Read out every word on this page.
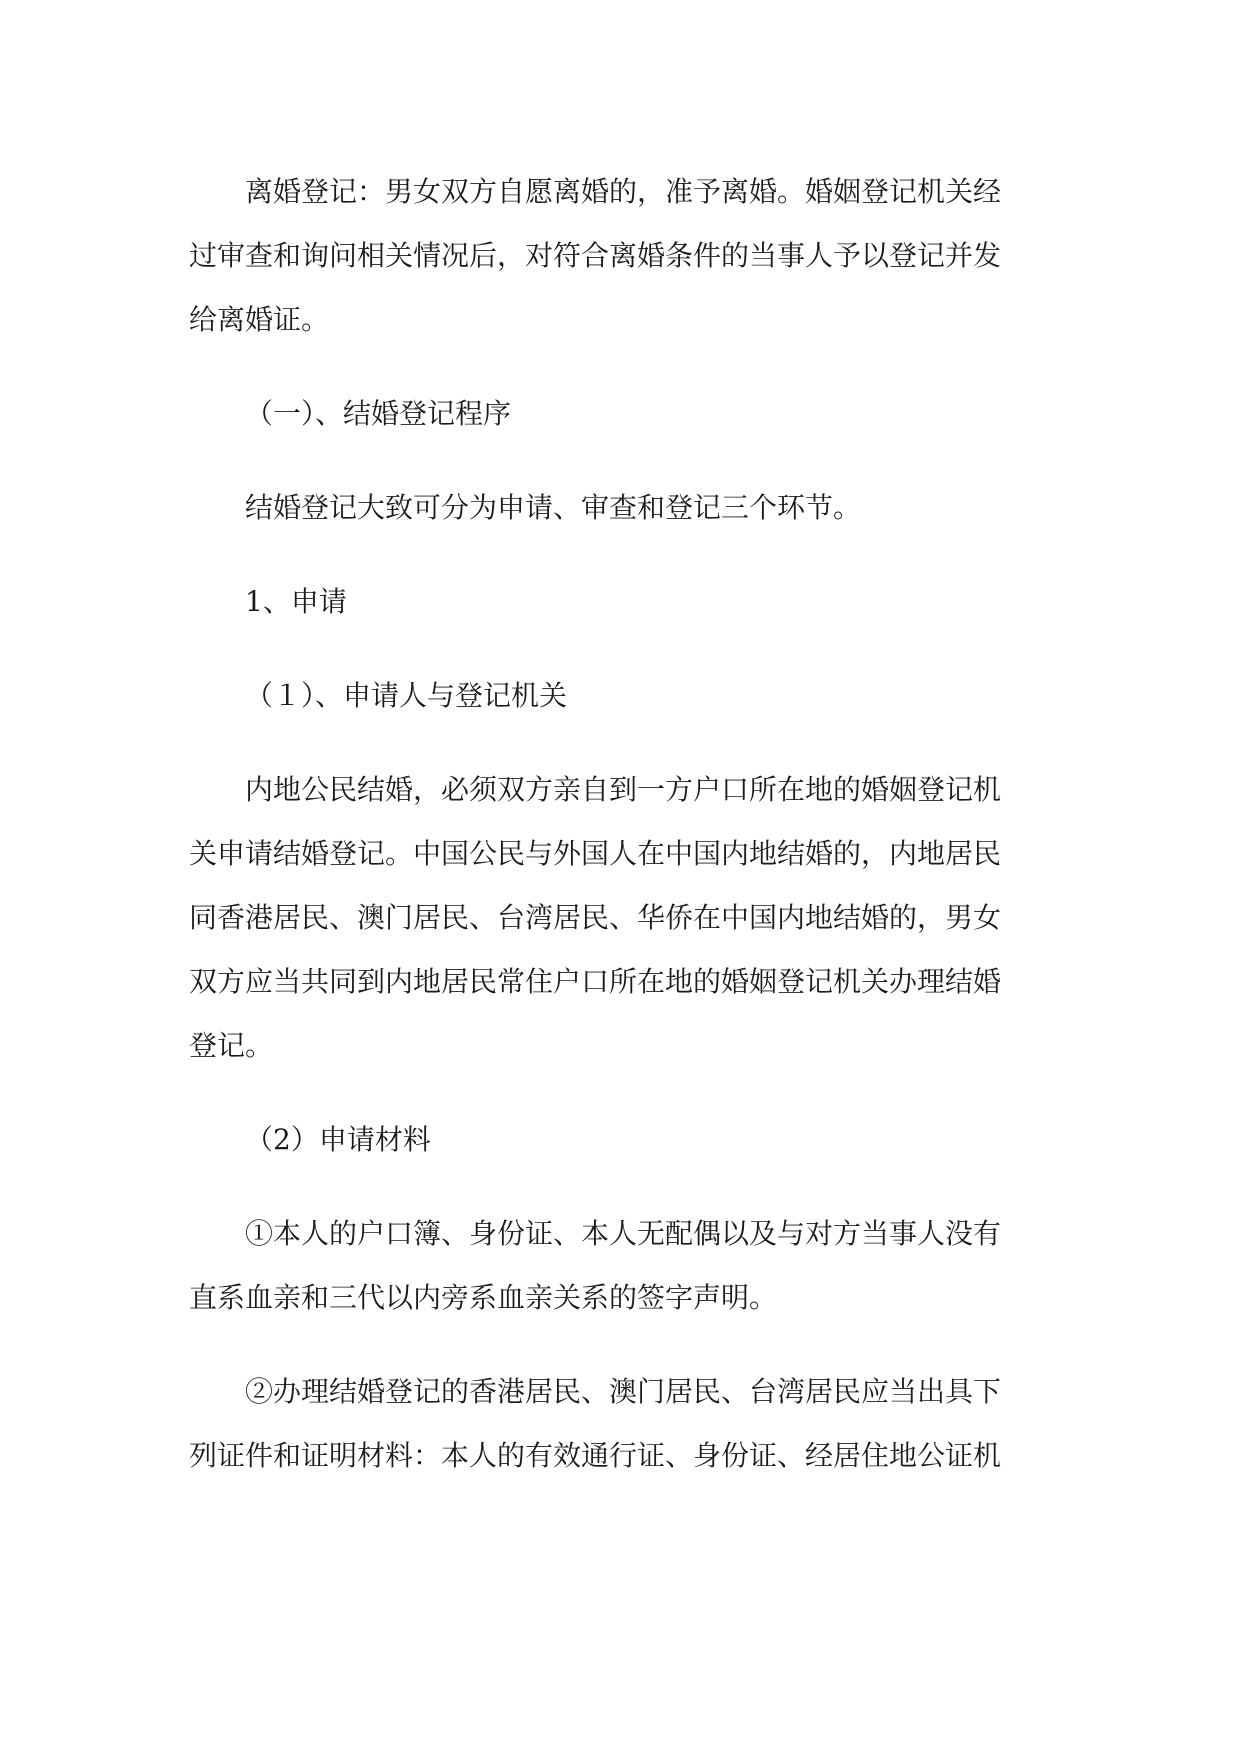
离婚登记：男女双方自愿离婚的，准予离婚。婚姻登记机关经
过审查和询问相关情况后，对符合离婚条件的当事人予以登记并发
给离婚证。

（一）、结婚登记程序

结婚登记大致可分为申请、审查和登记三个环节。

1、申请

（１）、申请人与登记机关

内地公民结婚，必须双方亲自到一方户口所在地的婚姻登记机
关申请结婚登记。中国公民与外国人在中国内地结婚的，内地居民
同香港居民、澳门居民、台湾居民、华侨在中国内地结婚的，男女
双方应当共同到内地居民常住户口所在地的婚姻登记机关办理结婚
登记。

（2）申请材料

①本人的户口簿、身份证、本人无配偶以及与对方当事人没有
直系血亲和三代以内旁系血亲关系的签字声明。

②办理结婚登记的香港居民、澳门居民、台湾居民应当出具下
列证件和证明材料：本人的有效通行证、身份证、经居住地公证机
